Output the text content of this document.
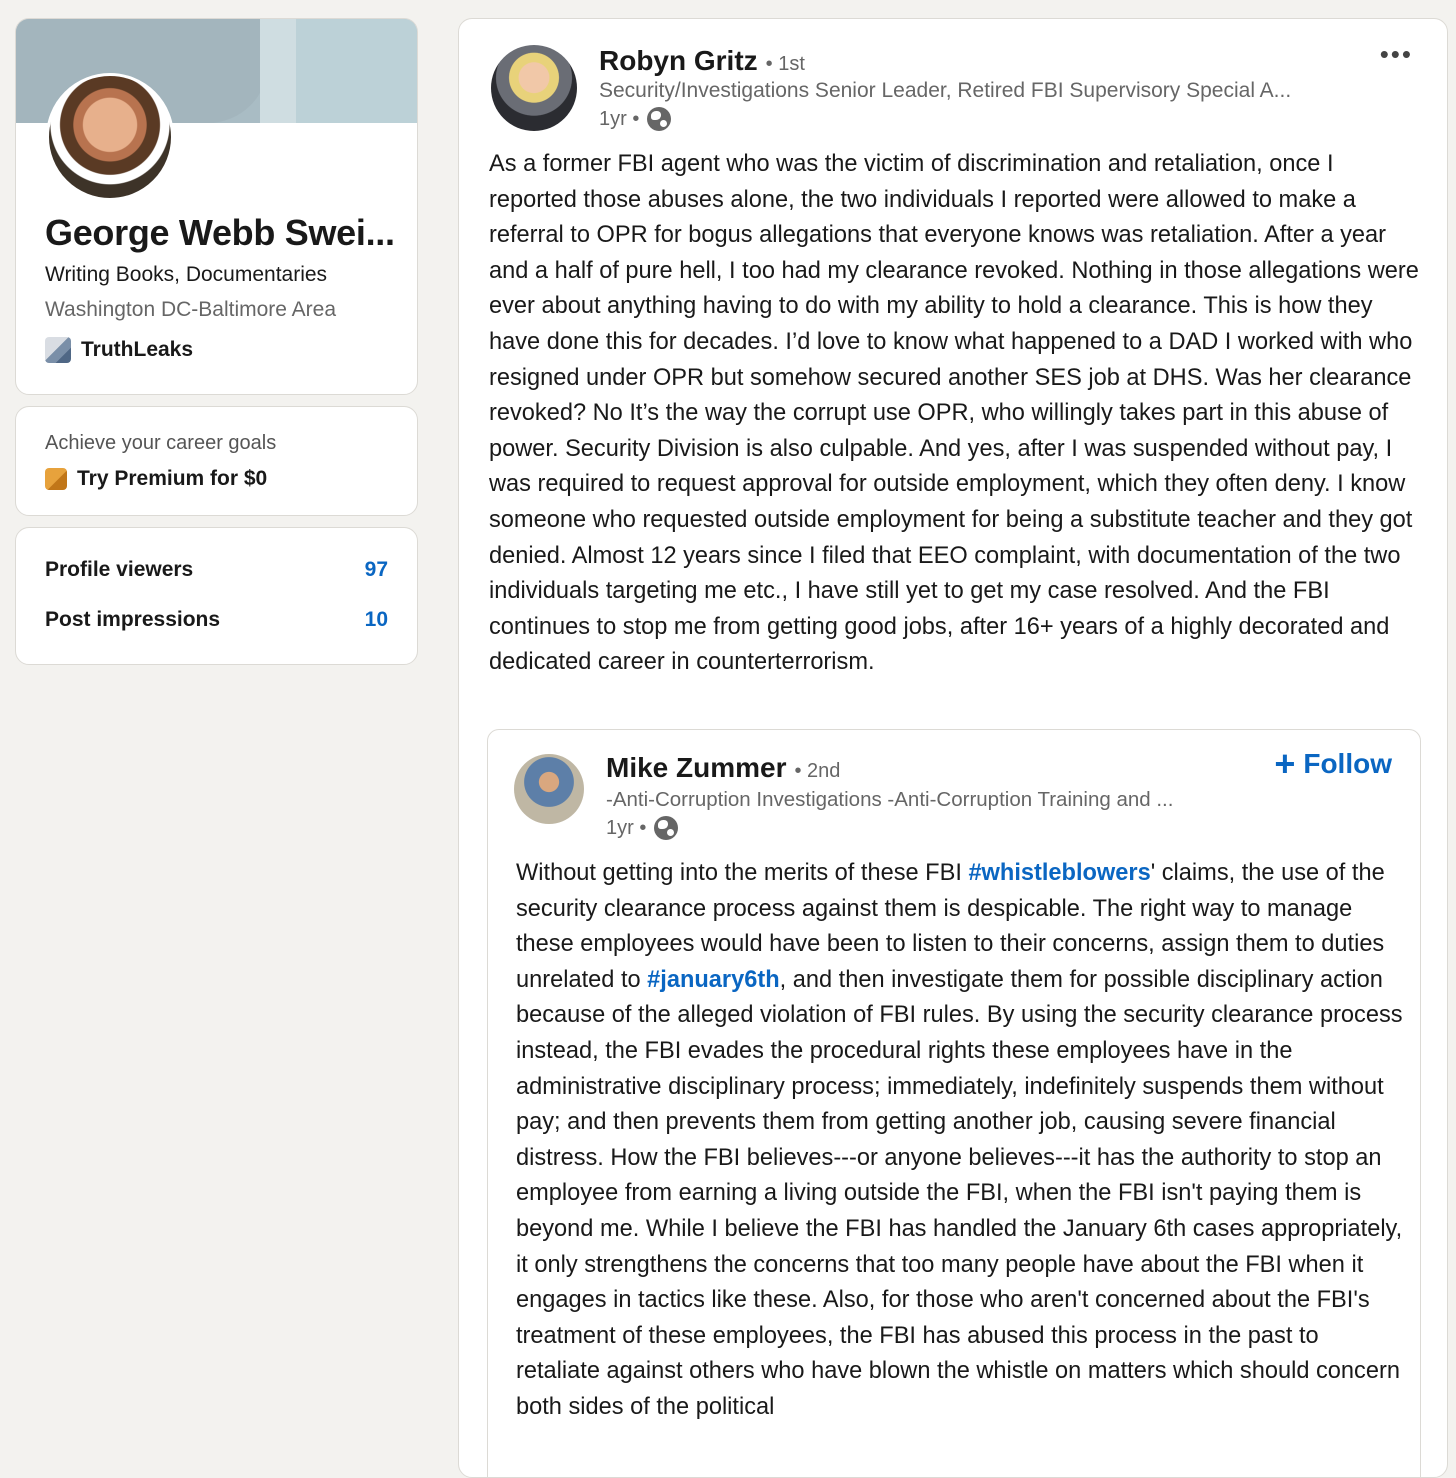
George Webb Swei...
Writing Books, Documentaries
Washington DC-Baltimore Area
TruthLeaks
Achieve your career goals
Try Premium for $0
Profile viewers	97
Post impressions	10
Robyn Gritz • 1st
Security/Investigations Senior Leader, Retired FBI Supervisory Special A...
1yr •
•••
As a former FBI agent who was the victim of discrimination and retaliation, once I reported those abuses alone, the two individuals I reported were allowed to make a referral to OPR for bogus allegations that everyone knows was retaliation. After a year and a half of pure hell, I too had my clearance revoked. Nothing in those allegations were ever about anything having to do with my ability to hold a clearance. This is how they have done this for decades. I’d love to know what happened to a DAD I worked with who resigned under OPR but somehow secured another SES job at DHS. Was her clearance revoked? No It’s the way the corrupt use OPR, who willingly takes part in this abuse of power. Security Division is also culpable. And yes, after I was suspended without pay, I was required to request approval for outside employment, which they often deny. I know someone who requested outside employment for being a substitute teacher and they got denied. Almost 12 years since I filed that EEO complaint, with documentation of the two individuals targeting me etc., I have still yet to get my case resolved. And the FBI continues to stop me from getting good jobs, after 16+ years of a highly decorated and dedicated career in counterterrorism.
Mike Zummer • 2nd
-Anti-Corruption Investigations -Anti-Corruption Training and ...
1yr •
+ Follow
Without getting into the merits of these FBI #whistleblowers' claims, the use of the security clearance process against them is despicable. The right way to manage these employees would have been to listen to their concerns, assign them to duties unrelated to #january6th, and then investigate them for possible disciplinary action because of the alleged violation of FBI rules. By using the security clearance process instead, the FBI evades the procedural rights these employees have in the administrative disciplinary process; immediately, indefinitely suspends them without pay; and then prevents them from getting another job, causing severe financial distress. How the FBI believes---or anyone believes---it has the authority to stop an employee from earning a living outside the FBI, when the FBI isn't paying them is beyond me. While I believe the FBI has handled the January 6th cases appropriately, it only strengthens the concerns that too many people have about the FBI when it engages in tactics like these. Also, for those who aren't concerned about the FBI's treatment of these employees, the FBI has abused this process in the past to retaliate against others who have blown the whistle on matters which should concern both sides of the political
